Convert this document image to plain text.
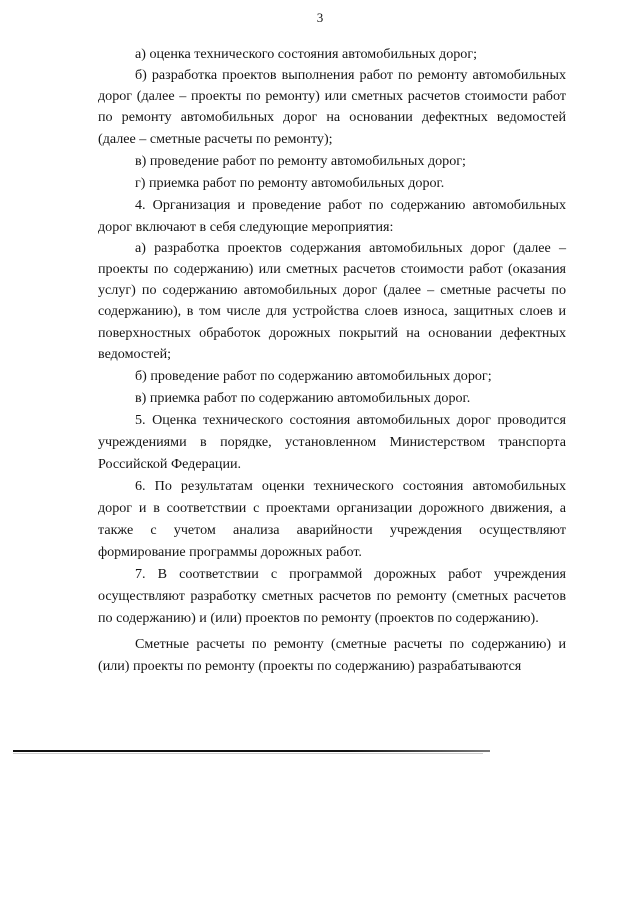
3

а) оценка технического состояния автомобильных дорог;

б) разработка проектов выполнения работ по ремонту автомобильных дорог (далее – проекты по ремонту) или сметных расчетов стоимости работ по ремонту автомобильных дорог на основании дефектных ведомостей (далее – сметные расчеты по ремонту);

в) проведение работ по ремонту автомобильных дорог;

г) приемка работ по ремонту автомобильных дорог.

4. Организация и проведение работ по содержанию автомобильных дорог включают в себя следующие мероприятия:

а) разработка проектов содержания автомобильных дорог (далее – проекты по содержанию) или сметных расчетов стоимости работ (оказания услуг) по содержанию автомобильных дорог (далее – сметные расчеты по содержанию), в том числе для устройства слоев износа, защитных слоев и поверхностных обработок дорожных покрытий на основании дефектных ведомостей;

б) проведение работ по содержанию автомобильных дорог;

в) приемка работ по содержанию автомобильных дорог.

5. Оценка технического состояния автомобильных дорог проводится учреждениями в порядке, установленном Министерством транспорта Российской Федерации.

6. По результатам оценки технического состояния автомобильных дорог и в соответствии с проектами организации дорожного движения, а также с учетом анализа аварийности учреждения осуществляют формирование программы дорожных работ.

7. В соответствии с программой дорожных работ учреждения осуществляют разработку сметных расчетов по ремонту (сметных расчетов по содержанию) и (или) проектов по ремонту (проектов по содержанию).

Сметные расчеты по ремонту (сметные расчеты по содержанию) и (или) проекты по ремонту (проекты по содержанию) разрабатываются
